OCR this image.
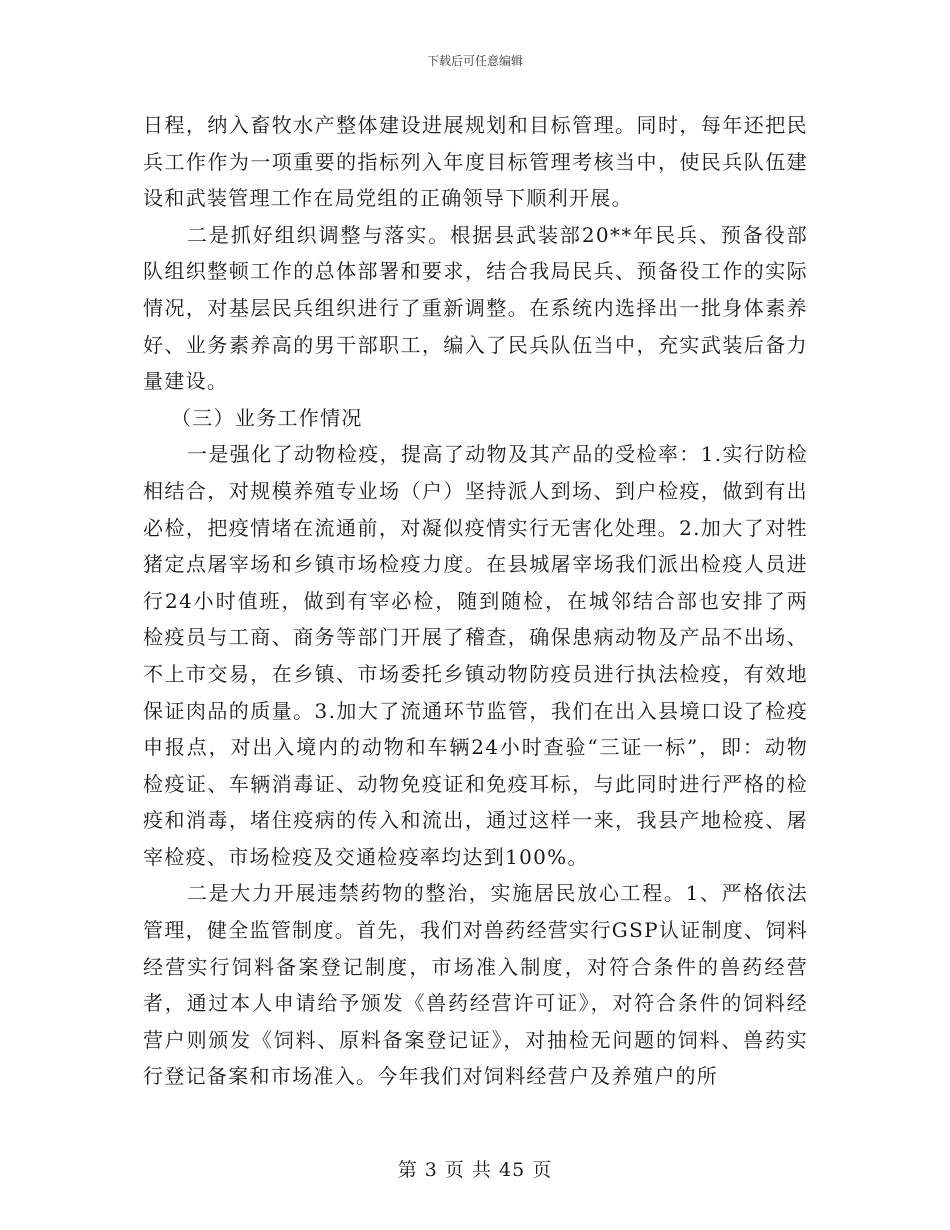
下载后可任意编辑

日程，纳入畜牧水产整体建设进展规划和目标管理。同时，每年还把民兵工作作为一项重要的指标列入年度目标管理考核当中，使民兵队伍建设和武装管理工作在局党组的正确领导下顺利开展。

二是抓好组织调整与落实。根据县武装部20**年民兵、预备役部队组织整顿工作的总体部署和要求，结合我局民兵、预备役工作的实际情况，对基层民兵组织进行了重新调整。在系统内选择出一批身体素养好、业务素养高的男干部职工，编入了民兵队伍当中，充实武装后备力量建设。

（三）业务工作情况

一是强化了动物检疫，提高了动物及其产品的受检率：1.实行防检相结合，对规模养殖专业场（户）坚持派人到场、到户检疫，做到有出必检，把疫情堵在流通前，对凝似疫情实行无害化处理。2.加大了对牲猪定点屠宰场和乡镇市场检疫力度。在县城屠宰场我们派出检疫人员进行24小时值班，做到有宰必检，随到随检，在城邻结合部也安排了两检疫员与工商、商务等部门开展了稽查，确保患病动物及产品不出场、不上市交易，在乡镇、市场委托乡镇动物防疫员进行执法检疫，有效地保证肉品的质量。3.加大了流通环节监管，我们在出入县境口设了检疫申报点，对出入境内的动物和车辆24小时查验“三证一标”，即：动物检疫证、车辆消毒证、动物免疫证和免疫耳标，与此同时进行严格的检疫和消毒，堵住疫病的传入和流出，通过这样一来，我县产地检疫、屠宰检疫、市场检疫及交通检疫率均达到100%。

二是大力开展违禁药物的整治，实施居民放心工程。1、严格依法管理，健全监管制度。首先，我们对兽药经营实行GSP认证制度、饲料经营实行饲料备案登记制度，市场准入制度，对符合条件的兽药经营者，通过本人申请给予颁发《兽药经营许可证》，对符合条件的饲料经营户则颁发《饲料、原料备案登记证》，对抽检无问题的饲料、兽药实行登记备案和市场准入。今年我们对饲料经营户及养殖户的所

第 3 页 共 45 页
